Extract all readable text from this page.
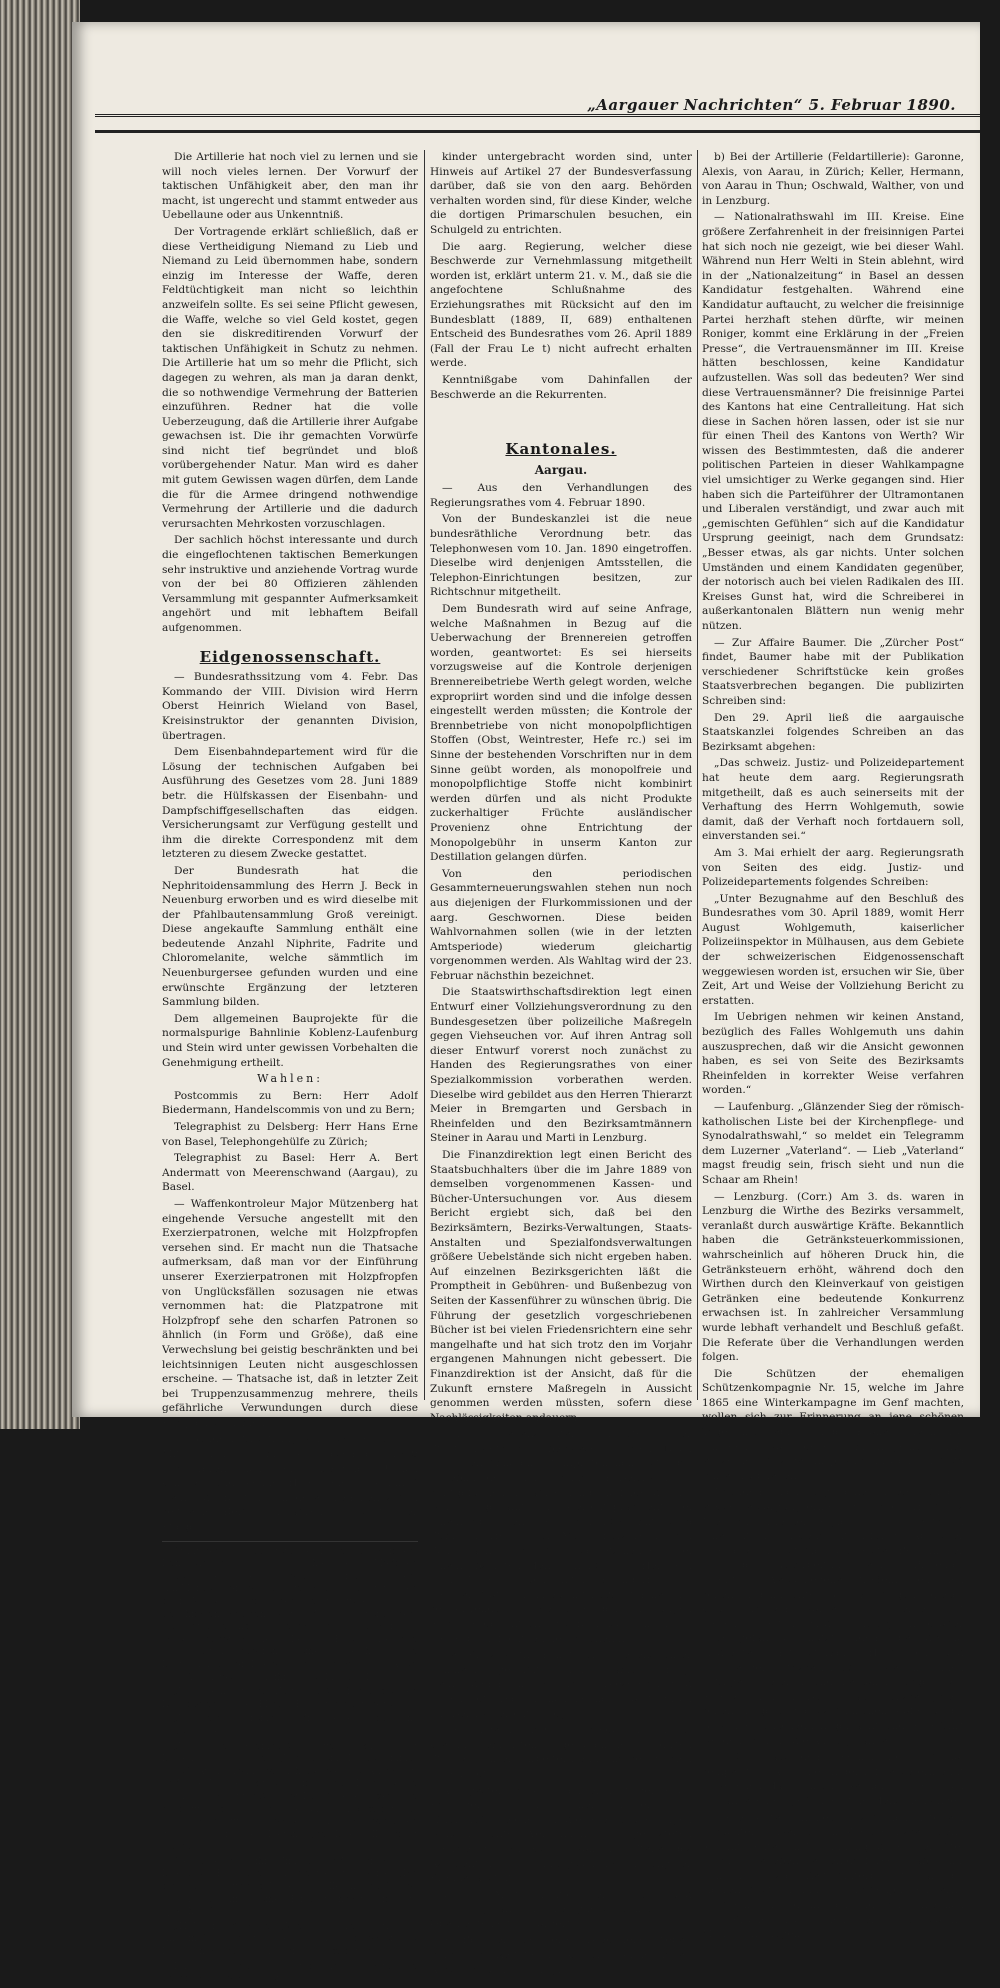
„Aargauer Nachrichten“ 5. Februar 1890.

Die Artillerie hat noch viel zu lernen und sie will noch vieles lernen. Der Vorwurf der taktischen Unfähigkeit aber, den man ihr macht, ist ungerecht und stammt entweder aus Uebellaune oder aus Unkenntniß.

Der Vortragende erklärt schließlich, daß er diese Vertheidigung Niemand zu Lieb und Niemand zu Leid übernommen habe, sondern einzig im Interesse der Waffe, deren Feldtüchtigkeit man nicht so leichthin anzweifeln sollte. Es sei seine Pflicht gewesen, die Waffe, welche so viel Geld kostet, gegen den sie diskreditirenden Vorwurf der taktischen Unfähigkeit in Schutz zu nehmen. Die Artillerie hat um so mehr die Pflicht, sich dagegen zu wehren, als man ja daran denkt, die so nothwendige Vermehrung der Batterien einzuführen. Redner hat die volle Ueberzeugung, daß die Artillerie ihrer Aufgabe gewachsen ist. Die ihr gemachten Vorwürfe sind nicht tief begründet und bloß vorübergehender Natur. Man wird es daher mit gutem Gewissen wagen dürfen, dem Lande die für die Armee dringend nothwendige Vermehrung der Artillerie und die dadurch verursachten Mehrkosten vorzuschlagen.

Der sachlich höchst interessante und durch die eingeflochtenen taktischen Bemerkungen sehr instruktive und anziehende Vortrag wurde von der bei 80 Offizieren zählenden Versammlung mit gespannter Aufmerksamkeit angehört und mit lebhaftem Beifall aufgenommen.

Eidgenossenschaft.

— Bundesrathssitzung vom 4. Febr. Das Kommando der VIII. Division wird Herrn Oberst Heinrich Wieland von Basel, Kreisinstruktor der genannten Division, übertragen.

Dem Eisenbahndepartement wird für die Lösung der technischen Aufgaben bei Ausführung des Gesetzes vom 28. Juni 1889 betr. die Hülfskassen der Eisenbahn- und Dampfschiffgesellschaften das eidgen. Versicherungsamt zur Verfügung gestellt und ihm die direkte Correspondenz mit dem letzteren zu diesem Zwecke gestattet.

Der Bundesrath hat die Nephritoidensammlung des Herrn J. Beck in Neuenburg erworben und es wird dieselbe mit der Pfahlbautensammlung Groß vereinigt. Diese angekaufte Sammlung enthält eine bedeutende Anzahl Niphrite, Fadrite und Chloromelanite, welche sämmtlich im Neuenburgersee gefunden wurden und eine erwünschte Ergänzung der letzteren Sammlung bilden.

Dem allgemeinen Bauprojekte für die normalspurige Bahnlinie Koblenz-Laufenburg und Stein wird unter gewissen Vorbehalten die Genehmigung ertheilt.

Wahlen:

Postcommis zu Bern: Herr Adolf Biedermann, Handelscommis von und zu Bern;

Telegraphist zu Delsberg: Herr Hans Erne von Basel, Telephongehülfe zu Zürich;

Telegraphist zu Basel: Herr A. Bert Andermatt von Meerenschwand (Aargau), zu Basel.

— Waffenkontroleur Major Mützenberg hat eingehende Versuche angestellt mit den Exerzierpatronen, welche mit Holzpfropfen versehen sind. Er macht nun die Thatsache aufmerksam, daß man vor der Einführung unserer Exerzierpatronen mit Holzpfropfen von Unglücksfällen sozusagen nie etwas vernommen hat: die Platzpatrone mit Holzpfropf sehe den scharfen Patronen so ähnlich (in Form und Größe), daß eine Verwechslung bei geistig beschränkten und bei leichtsinnigen Leuten nicht ausgeschlossen erscheine. — Thatsache ist, daß in letzter Zeit bei Truppenzusammenzug mehrere, theils gefährliche Verwundungen durch diese Pfropfen vorkamen.

— Bundesrathssitzung vom 28. Februar. h. Mit Eingabe vom 30. Dezember 1889 beschweren sich Jakob Dätwyler, Ulrich Christen und Samuel Hofer, alle in Sennhof, Gemeinde Brittnau, in deren Familien schon seit einer Reihe von Jahren sog. Kost- oder Pflege-

Stadt; aber sie leuchtete hier keinem Glücklichen. Den Abend zuvor war hier ein Mädchen angekommen, indem wir sogleich Elisen erkennen. Am Morgen war es ihre erste Sorge, an Gustav einen paar Worte zu schreiben. Jetzt wußte sich ihr Geschick entscheiden. Wo von den Eltern vertrieben, wen hatte sie, als ihn? Sie schrieb ihm nur kurz. Er sollte ja selbst kommen! Aber ihre Briefe waren alle im Unglück geboren; keiner erreichte seine Bestimmung. Karoline sollte dafür sorgen, daß Alles, was für Gustav ankam, ihr in die Hände fiel.

„Von wem ist das Zettelchen?“ fragte sie den Lohnbedienten, der Elisens Brief gebracht hatte.

„Von einer Fremden, die gestern bei uns angekommen ist.“

„Von einer Fremden?“ sagte Karoline, mit Befremden im Tone. „Von einem Frauenzimmer also?“ Aufmerksam betrachtete sie die Aufschrift, und ihre Wangen rötheten sich höher. Erkannte sie wohl die Schriftzüge? Es ist kein Zweifel“, sagte sie halblaut, „es ist von ihr. Die Närrin muß selbst hier sein. Schon gut!“ herrschte sie den Lohnbedienten zu, ihm ein Trinkgeld bietend, „der Brief soll besorgt werden.“

Sie eilte auf ihr Zimmer und erbrach das Briefchen. Es enthielt nur die wenigen Worte: „Ich bin hier, in Gustavs Nähe; er solle mir helfen, so komm zu mir. Deine Elise wünscht Dich zu sprechen.“

„Ha!“ rief Karoline. „Wie zur Unzeit! Jetzt, wo Alles in Ordnung ist, sollte mein Plan noch scheitern? Es darf nicht sein; er darf sie nicht selbst sprechen.“

Rasch warf sie ein Halstuch über, steckte eine Geldbörse zu sich und eilte fort.

kinder untergebracht worden sind, unter Hinweis auf Artikel 27 der Bundesverfassung darüber, daß sie von den aarg. Behörden verhalten worden sind, für diese Kinder, welche die dortigen Primarschulen besuchen, ein Schulgeld zu entrichten.

Die aarg. Regierung, welcher diese Beschwerde zur Vernehmlassung mitgetheilt worden ist, erklärt unterm 21. v. M., daß sie die angefochtene Schlußnahme des Erziehungsrathes mit Rücksicht auf den im Bundesblatt (1889, II, 689) enthaltenen Entscheid des Bundesrathes vom 26. April 1889 (Fall der Frau Le t) nicht aufrecht erhalten werde.

Kenntnißgabe vom Dahinfallen der Beschwerde an die Rekurrenten.

Kantonales.
Aargau.

— Aus den Verhandlungen des Regierungsrathes vom 4. Februar 1890.

Von der Bundeskanzlei ist die neue bundesräthliche Verordnung betr. das Telephonwesen vom 10. Jan. 1890 eingetroffen. Dieselbe wird denjenigen Amtsstellen, die Telephon-Einrichtungen besitzen, zur Richtschnur mitgetheilt.

Dem Bundesrath wird auf seine Anfrage, welche Maßnahmen in Bezug auf die Ueberwachung der Brennereien getroffen worden, geantwortet: Es sei hierseits vorzugsweise auf die Kontrole derjenigen Brennereibetriebe Werth gelegt worden, welche expropriirt worden sind und die infolge dessen eingestellt werden müssten; die Kontrole der Brennbetriebe von nicht monopolpflichtigen Stoffen (Obst, Weintrester, Hefe rc.) sei im Sinne der bestehenden Vorschriften nur in dem Sinne geübt worden, als monopolfreie und monopolpflichtige Stoffe nicht kombinirt werden dürfen und als nicht Produkte zuckerhaltiger Früchte ausländischer Provenienz ohne Entrichtung der Monopolgebühr in unserm Kanton zur Destillation gelangen dürfen.

Von den periodischen Gesammterneuerungswahlen stehen nun noch aus diejenigen der Flurkommissionen und der aarg. Geschwornen. Diese beiden Wahlvornahmen sollen (wie in der letzten Amtsperiode) wiederum gleichartig vorgenommen werden. Als Wahltag wird der 23. Februar nächsthin bezeichnet.

Die Staatswirthschaftsdirektion legt einen Entwurf einer Vollziehungsverordnung zu den Bundesgesetzen über polizeiliche Maßregeln gegen Viehseuchen vor. Auf ihren Antrag soll dieser Entwurf vorerst noch zunächst zu Handen des Regierungsrathes von einer Spezialkommission vorberathen werden. Dieselbe wird gebildet aus den Herren Thierarzt Meier in Bremgarten und Gersbach in Rheinfelden und den Bezirksamtmännern Steiner in Aarau und Marti in Lenzburg.

Die Finanzdirektion legt einen Bericht des Staatsbuchhalters über die im Jahre 1889 von demselben vorgenommenen Kassen- und Bücher-Untersuchungen vor. Aus diesem Bericht ergiebt sich, daß bei den Bezirksämtern, Bezirks-Verwaltungen, Staats-Anstalten und Spezialfondsverwaltungen größere Uebelstände sich nicht ergeben haben. Auf einzelnen Bezirksgerichten läßt die Promptheit in Gebühren- und Bußenbezug von Seiten der Kassenführer zu wünschen übrig. Die Führung der gesetzlich vorgeschriebenen Bücher ist bei vielen Friedensrichtern eine sehr mangelhafte und hat sich trotz den im Vorjahr ergangenen Mahnungen nicht gebessert. Die Finanzdirektion ist der Ansicht, daß für die Zukunft ernstere Maßregeln in Aussicht genommen werden müssten, sofern diese Nachlässigkeiten andauern.

Ein Friedensrichter mußte der Staatsanwaltschaft überwiesen werden. Nach den genehmigten Wahlprotokollen ist das Ergebniß der am 26. Januar im Bezirk Aarau stattgefundenen Wahlverhandlung folgendes: Es wurden gewählt, als Gerichtspräsident bei einem absoluten Mehr von 1483 mit 2775 Stimmen Herr Paul Müri, Fürsprech, von Schinznach; als Gerichtsersatzmänner bei einem absoluten Mehr von 1477 Hr. Hermann Gysi, Gr. R. in Buchs mit 2576 und Hr. Hans Läscher, Notar in Aarau mit 2096 Stimmen. Es sei Anwendung zu Aarau bei den Einladungen an's Obergericht und das Bezirksgericht Aarau die resp. Inpflichtnahme vorzunehmen.

Der Kreis Veltheim hat zum Friedensrichter nunmehr gewählt: Hrn. Samuel Frey, Gemeindammann in Auenstein. Diese Wahl wird genehmigt. Die Inpflichtnahme erfolgt durch das Bezirksgericht Brugg.

Die von der Firma Gebr. Honegger, Kölliker u. Cie. in Bremgarten vorgelegten neu revidirten Statuten ihrer Arbeiterkrankenkasse werden genehmigt.

Auf gestelltes Ansuchen ertheilt der Reg.-Rath dem Herrn L. Widmer von Herrendorf (Thurgau), welcher in die Praxis übertragen wünscht, unter Verdankung der geleisteten Dienste die Entlassung von der Stelle des Assistenten an der chirurgischen Abtheilung der Krankenanstalt.

Von der Militärdirektion werden auf Grund der eingelangten Fähigkeitszeugnisse zu Oberlieutenants befördert:

a) Bei der Cavallerie (Dragoner): Weber, Jakob, von Rettstal, in Aarburg; Aufdermauer, Alois, von und in Schwyz.

b) Bei der Artillerie (Feldartillerie): Garonne, Alexis, von Aarau, in Zürich; Keller, Hermann, von Aarau in Thun; Oschwald, Walther, von und in Lenzburg.

— Nationalrathswahl im III. Kreise. Eine größere Zerfahrenheit in der freisinnigen Partei hat sich noch nie gezeigt, wie bei dieser Wahl. Während nun Herr Welti in Stein ablehnt, wird in der „Nationalzeitung“ in Basel an dessen Kandidatur festgehalten. Während eine Kandidatur auftaucht, zu welcher die freisinnige Partei herzhaft stehen dürfte, wir meinen Roniger, kommt eine Erklärung in der „Freien Presse“, die Vertrauensmänner im III. Kreise hätten beschlossen, keine Kandidatur aufzustellen. Was soll das bedeuten? Wer sind diese Vertrauensmänner? Die freisinnige Partei des Kantons hat eine Centralleitung. Hat sich diese in Sachen hören lassen, oder ist sie nur für einen Theil des Kantons von Werth? Wir wissen des Bestimmtesten, daß die anderer politischen Parteien in dieser Wahlkampagne viel umsichtiger zu Werke gegangen sind. Hier haben sich die Parteiführer der Ultramontanen und Liberalen verständigt, und zwar auch mit „gemischten Gefühlen“ sich auf die Kandidatur Ursprung geeinigt, nach dem Grundsatz: „Besser etwas, als gar nichts. Unter solchen Umständen und einem Kandidaten gegenüber, der notorisch auch bei vielen Radikalen des III. Kreises Gunst hat, wird die Schreiberei in außerkantonalen Blättern nun wenig mehr nützen.

— Zur Affaire Baumer. Die „Zürcher Post“ findet, Baumer habe mit der Publikation verschiedener Schriftstücke kein großes Staatsverbrechen begangen. Die publizirten Schreiben sind:

Den 29. April ließ die aargauische Staatskanzlei folgendes Schreiben an das Bezirksamt abgehen:

„Das schweiz. Justiz- und Polizeidepartement hat heute dem aarg. Regierungsrath mitgetheilt, daß es auch seinerseits mit der Verhaftung des Herrn Wohlgemuth, sowie damit, daß der Verhaft noch fortdauern soll, einverstanden sei.“

Am 3. Mai erhielt der aarg. Regierungsrath von Seiten des eidg. Justiz- und Polizeidepartements folgendes Schreiben:

„Unter Bezugnahme auf den Beschluß des Bundesrathes vom 30. April 1889, womit Herr August Wohlgemuth, kaiserlicher Polizeiinspektor in Mülhausen, aus dem Gebiete der schweizerischen Eidgenossenschaft weggewiesen worden ist, ersuchen wir Sie, über Zeit, Art und Weise der Vollziehung Bericht zu erstatten.

Im Uebrigen nehmen wir keinen Anstand, bezüglich des Falles Wohlgemuth uns dahin auszusprechen, daß wir die Ansicht gewonnen haben, es sei von Seite des Bezirksamts Rheinfelden in korrekter Weise verfahren worden.“

— Laufenburg. „Glänzender Sieg der römisch-katholischen Liste bei der Kirchenpflege- und Synodalrathswahl,“ so meldet ein Telegramm dem Luzerner „Vaterland“. — Lieb „Vaterland“ magst freudig sein, frisch sieht und nun die Schaar am Rhein!

— Lenzburg. (Corr.) Am 3. ds. waren in Lenzburg die Wirthe des Bezirks versammelt, veranlaßt durch auswärtige Kräfte. Bekanntlich haben die Getränksteuerkommissionen, wahrscheinlich auf höheren Druck hin, die Getränksteuern erhöht, während doch den Wirthen durch den Kleinverkauf von geistigen Getränken eine bedeutende Konkurrenz erwachsen ist. In zahlreicher Versammlung wurde lebhaft verhandelt und Beschluß gefaßt. Die Referate über die Verhandlungen werden folgen.

Die Schützen der ehemaligen Schützenkompagnie Nr. 15, welche im Jahre 1865 eine Winterkampagne im Genf machten, wollen sich zur Erinnerung an jene schönen Tage am 9. Februar in der „Krone“ in Lenzburg ein Rendez-vous geben, um in gemüthlicher Weise des Tags der Inspektion in Genf nach 25 Jahren zu pflegen.

Nachdem Lenzburg eine ausgezeichnete Wasserversorgung erhielt, die sowohl Hoch- als Niederdruckwasser abgiebt, wird bereits an einer rationellen Canalisation für die Abwässer gearbeitet. Es ist hier Baumeister Berschinger mit der Ausarbeitung eines Projektes beauftragt. Verschiedene Straßenkorrektionen sollen alsdann unter Berücksichtigung dieses Coulissensystems vorgenommen werden. Mit diesen Arbeiten wird Lenzburg in großer Feuersgefahr geschützt, indem über dreißig Hydranten mit starkem Hochdruck und genügendem Wasserzufluß, sowie mit allen nöthigen Material und Personal ausgerüstet, arbeiten können. Durch das Coulissensystem sollen die gesundheitsschädlichen Stoffe für die Bewohner unschädlich gemacht und abgeführt werden, ohne in die Aa zu gelangen.

— Corr. aus dem Seethal. Bonus homo, semper tiro! Auch die an der Influenza erkrankt gewesenen Männlein und Weiblein bleiben noch für längere Zeit gefügige Stille Menschenkinder.

Diese Sorte von Leuten scheinen dato ein gesuchter Artikel zu sein. Wie Sie wissen, stehe ich mit Leuten in Verbindung, denen der Titel „Orakel“ gegeben werden darf. Diese haben mir nun in jüngster Zeit hinterbracht, daß die Herren Geistlichen in den Kirchenpflegen gerne in ihrem Sinne dominiren und bann anläßlich der Kirchenpflegewahlen gerne auf solche Männer ihr Augen-
